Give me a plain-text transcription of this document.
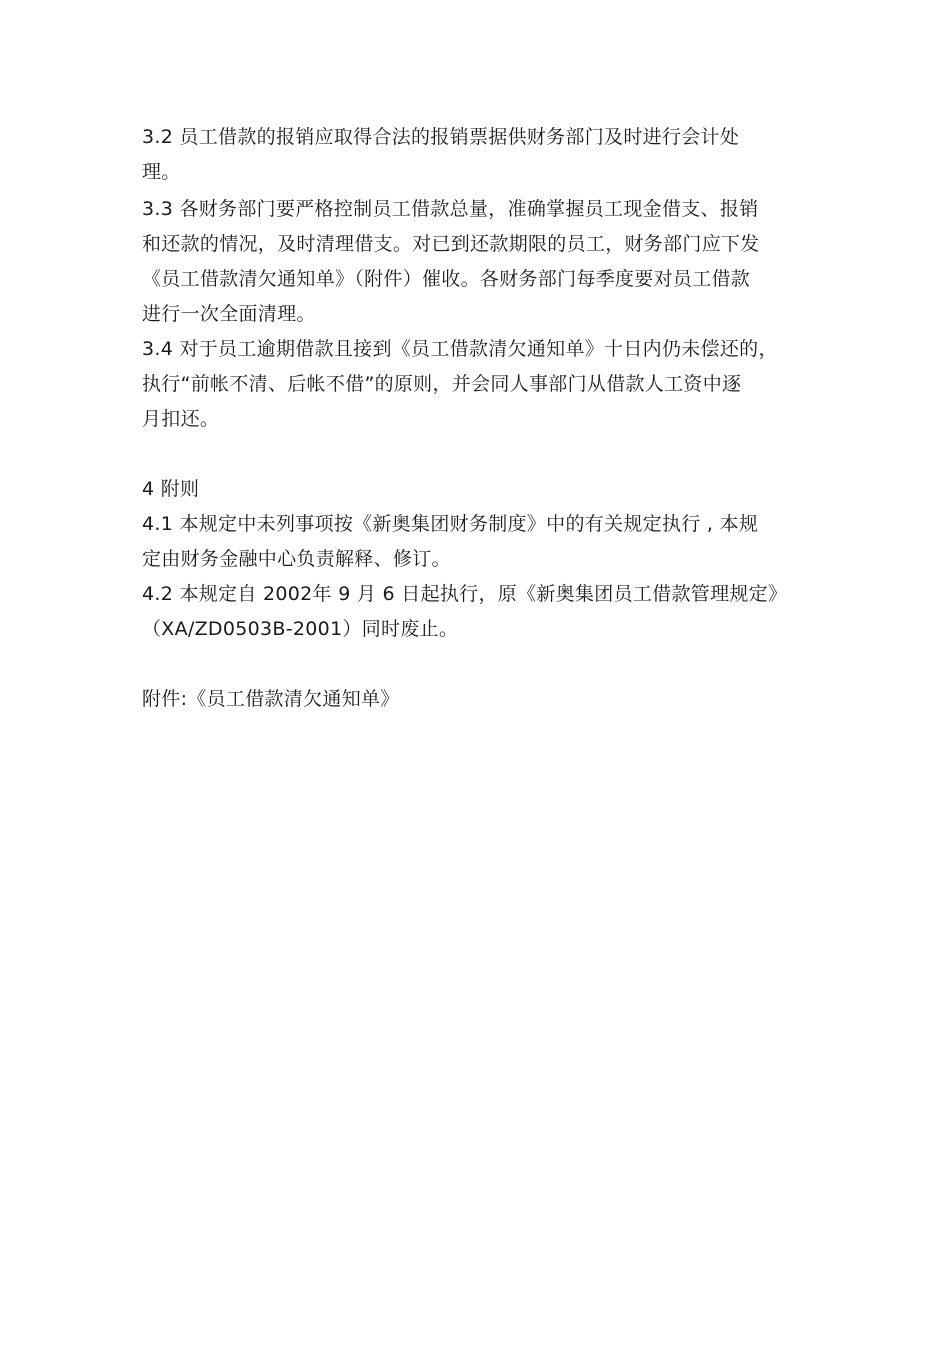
3.2 员工借款的报销应取得合法的报销票据供财务部门及时进行会计处
理。
3.3 各财务部门要严格控制员工借款总量，准确掌握员工现金借支、报销
和还款的情况，及时清理借支。对已到还款期限的员工，财务部门应下发
《员工借款清欠通知单》（附件）催收。各财务部门每季度要对员工借款
进行一次全面清理。
3.4 对于员工逾期借款且接到《员工借款清欠通知单》十日内仍未偿还的，
执行“前帐不清、后帐不借”的原则，并会同人事部门从借款人工资中逐
月扣还。
4 附则
4.1 本规定中未列事项按《新奥集团财务制度》中的有关规定执行 , 本规
定由财务金融中心负责解释、修订。
4.2 本规定自 2002年 9 月 6 日起执行，原《新奥集团员工借款管理规定》
（XA/ZD0503B-2001）同时废止。
附件:《员工借款清欠通知单》
